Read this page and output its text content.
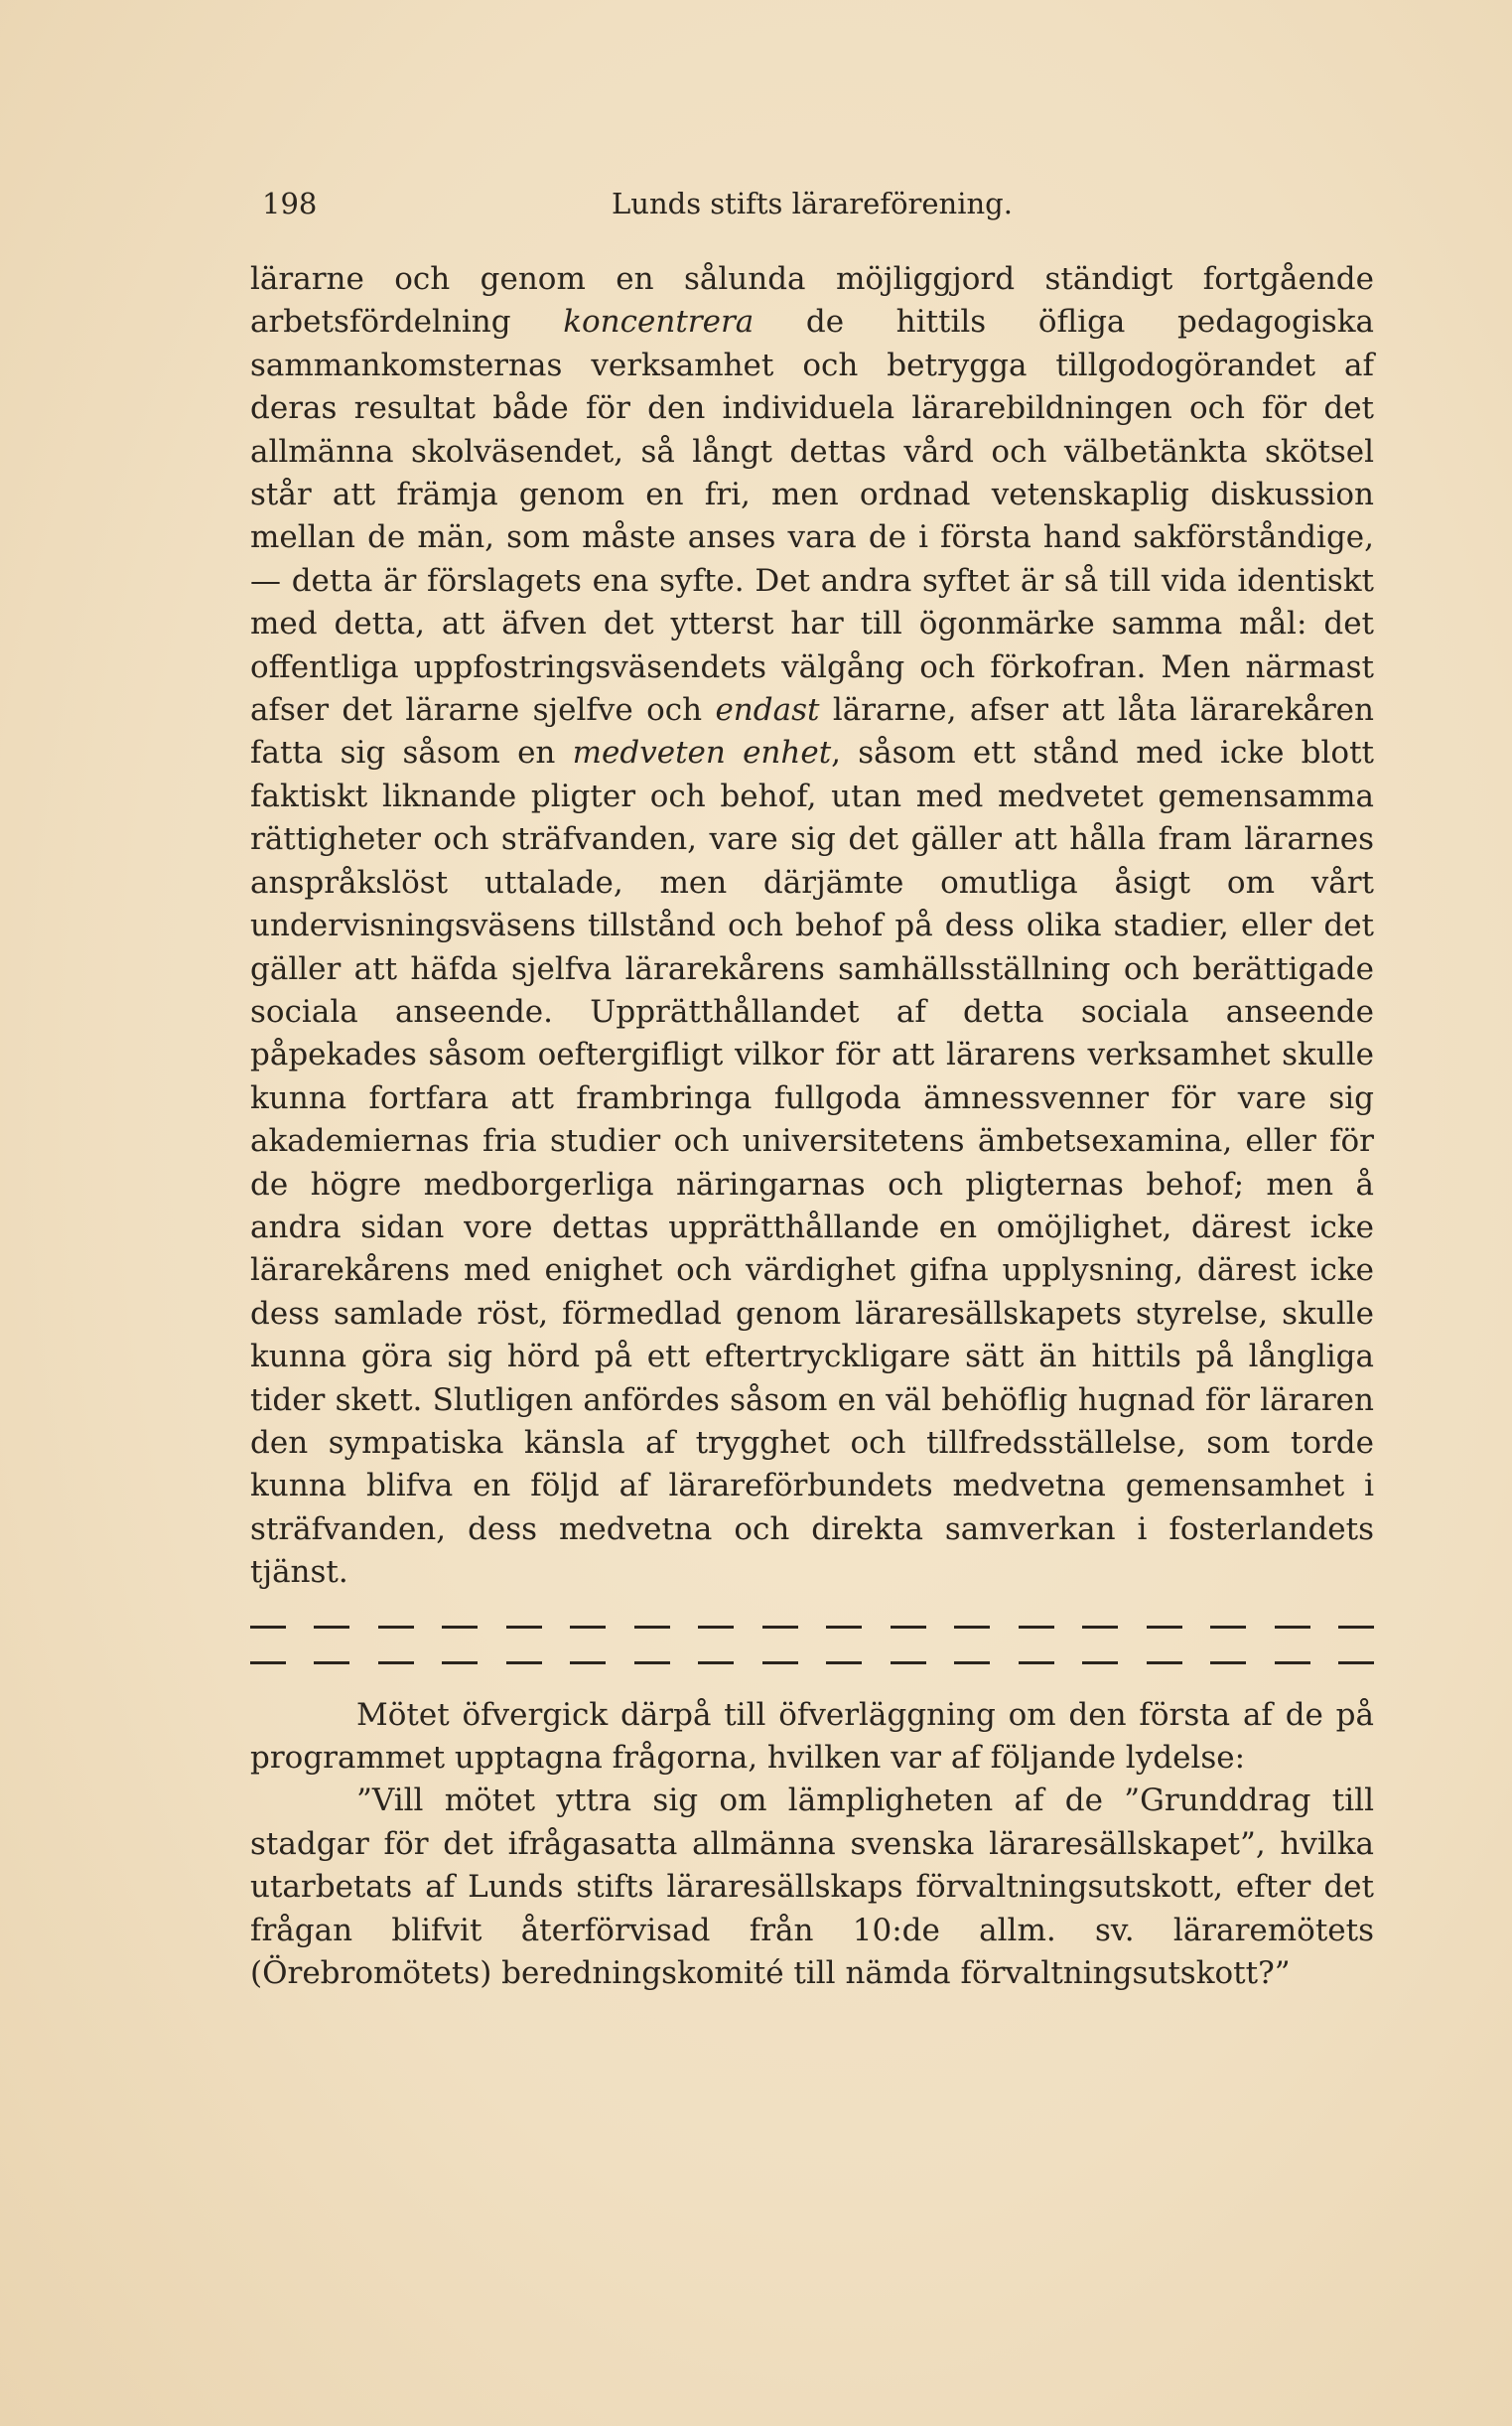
198	Lunds stifts lärareförening.

lärarne och genom en sålunda möjliggjord ständigt fortgående arbetsfördelning koncentrera de hittils öfliga pedagogiska sammankomsternas verksamhet och betrygga tillgodogörandet af deras resultat både för den individuela lärarebildningen och för det allmänna skolväsendet, så långt dettas vård och välbetänkta skötsel står att främja genom en fri, men ordnad vetenskaplig diskussion mellan de män, som måste anses vara de i första hand sakförståndige, — detta är förslagets ena syfte. Det andra syftet är så till vida identiskt med detta, att äfven det ytterst har till ögonmärke samma mål: det offentliga uppfostringsväsendets välgång och förkofran. Men närmast afser det lärarne sjelfve och endast lärarne, afser att låta lärarekåren fatta sig såsom en medveten enhet, såsom ett stånd med icke blott faktiskt liknande pligter och behof, utan med medvetet gemensamma rättigheter och sträfvanden, vare sig det gäller att hålla fram lärarnes anspråkslöst uttalade, men därjämte omutliga åsigt om vårt undervisningsväsens tillstånd och behof på dess olika stadier, eller det gäller att häfda sjelfva lärarekårens samhällsställning och berättigade sociala anseende. Upprätthållandet af detta sociala anseende påpekades såsom oeftergifligt vilkor för att lärarens verksamhet skulle kunna fortfara att frambringa fullgoda ämnessvenner för vare sig akademiernas fria studier och universitetens ämbetsexamina, eller för de högre medborgerliga näringarnas och pligternas behof; men å andra sidan vore dettas upprätthållande en omöjlighet, därest icke lärarekårens med enighet och värdighet gifna upplysning, därest icke dess samlade röst, förmedlad genom läraresällskapets styrelse, skulle kunna göra sig hörd på ett eftertryckligare sätt än hittils på långliga tider skett. Slutligen anfördes såsom en väl behöflig hugnad för läraren den sympatiska känsla af trygghet och tillfredsställelse, som torde kunna blifva en följd af lärareförbundets medvetna gemensamhet i sträfvanden, dess medvetna och direkta samverkan i fosterlandets tjänst.

Mötet öfvergick därpå till öfverläggning om den första af de på programmet upptagna frågorna, hvilken var af följande lydelse:

”Vill mötet yttra sig om lämpligheten af de ”Grunddrag till stadgar för det ifrågasatta allmänna svenska läraresällskapet”, hvilka utarbetats af Lunds stifts läraresällskaps förvaltningsutskott, efter det frågan blifvit återförvisad från 10:de allm. sv. läraremötets (Örebromötets) beredningskomité till nämda förvaltningsutskott?”
